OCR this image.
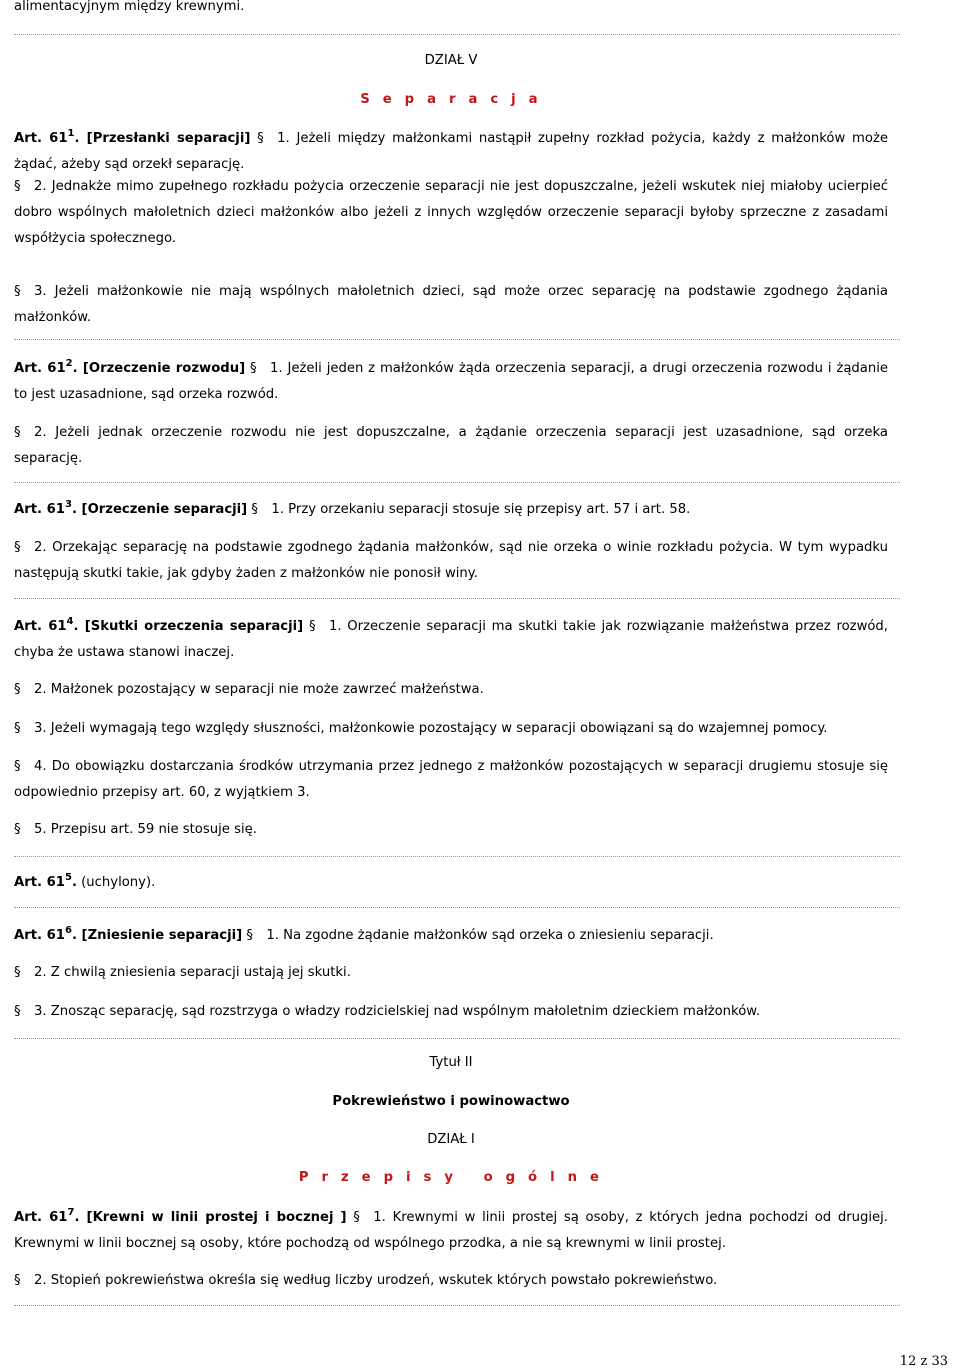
alimentacyjnym między krewnymi.
DZIAŁ V
S e p a r a c j a
Art. $61^1$. [Przesłanki separacji] § 1. Jeżeli między małżonkami nastąpił zupełny rozkład pożycia, każdy z małżonków może żądać, ażeby sąd orzekł separację.
§ 2. Jednakże mimo zupełnego rozkładu pożycia orzeczenie separacji nie jest dopuszczalne, jeżeli wskutek niej miałoby ucierpieć dobro wspólnych małoletnich dzieci małżonków albo jeżeli z innych względów orzeczenie separacji byłoby sprzeczne z zasadami współżycia społecznego.
§ 3. Jeżeli małżonkowie nie mają wspólnych małoletnich dzieci, sąd może orzec separację na podstawie zgodnego żądania małżonków.
Art. $61^2$. [Orzeczenie rozwodu] § 1. Jeżeli jeden z małżonków żąda orzeczenia separacji, a drugi orzeczenia rozwodu i żądanie to jest uzasadnione, sąd orzeka rozwód.
§ 2. Jeżeli jednak orzeczenie rozwodu nie jest dopuszczalne, a żądanie orzeczenia separacji jest uzasadnione, sąd orzeka separację.
Art. $61^3$. [Orzeczenie separacji] § 1. Przy orzekaniu separacji stosuje się przepisy art. 57 i art. 58.
§ 2. Orzekając separację na podstawie zgodnego żądania małżonków, sąd nie orzeka o winie rozkładu pożycia. W tym wypadku następują skutki takie, jak gdyby żaden z małżonków nie ponosił winy.
Art. $61^4$. [Skutki orzeczenia separacji] § 1. Orzeczenie separacji ma skutki takie jak rozwiązanie małżeństwa przez rozwód, chyba że ustawa stanowi inaczej.
§ 2. Małżonek pozostający w separacji nie może zawrzeć małżeństwa.
§ 3. Jeżeli wymagają tego względy słuszności, małżonkowie pozostający w separacji obowiązani są do wzajemnej pomocy.
§ 4. Do obowiązku dostarczania środków utrzymania przez jednego z małżonków pozostających w separacji drugiemu stosuje się odpowiednio przepisy art. 60, z wyjątkiem 3.
§ 5. Przepisu art. 59 nie stosuje się.
Art. $61^5$. (uchylony).
Art. $61^6$. [Zniesienie separacji] § 1. Na zgodne żądanie małżonków sąd orzeka o zniesieniu separacji.
§ 2. Z chwilą zniesienia separacji ustają jej skutki.
§ 3. Znosząc separację, sąd rozstrzyga o władzy rodzicielskiej nad wspólnym małoletnim dzieckiem małżonków.
Tytuł II
Pokrewieństwo i powinowactwo
DZIAŁ I
P r z e p i s y   o g ó l n e
Art. $61^7$. [Krewni w linii prostej i bocznej ] § 1. Krewnymi w linii prostej są osoby, z których jedna pochodzi od drugiej. Krewnymi w linii bocznej są osoby, które pochodzą od wspólnego przodka, a nie są krewnymi w linii prostej.
§ 2. Stopień pokrewieństwa określa się według liczby urodzeń, wskutek których powstało pokrewieństwo.
12 z 33
